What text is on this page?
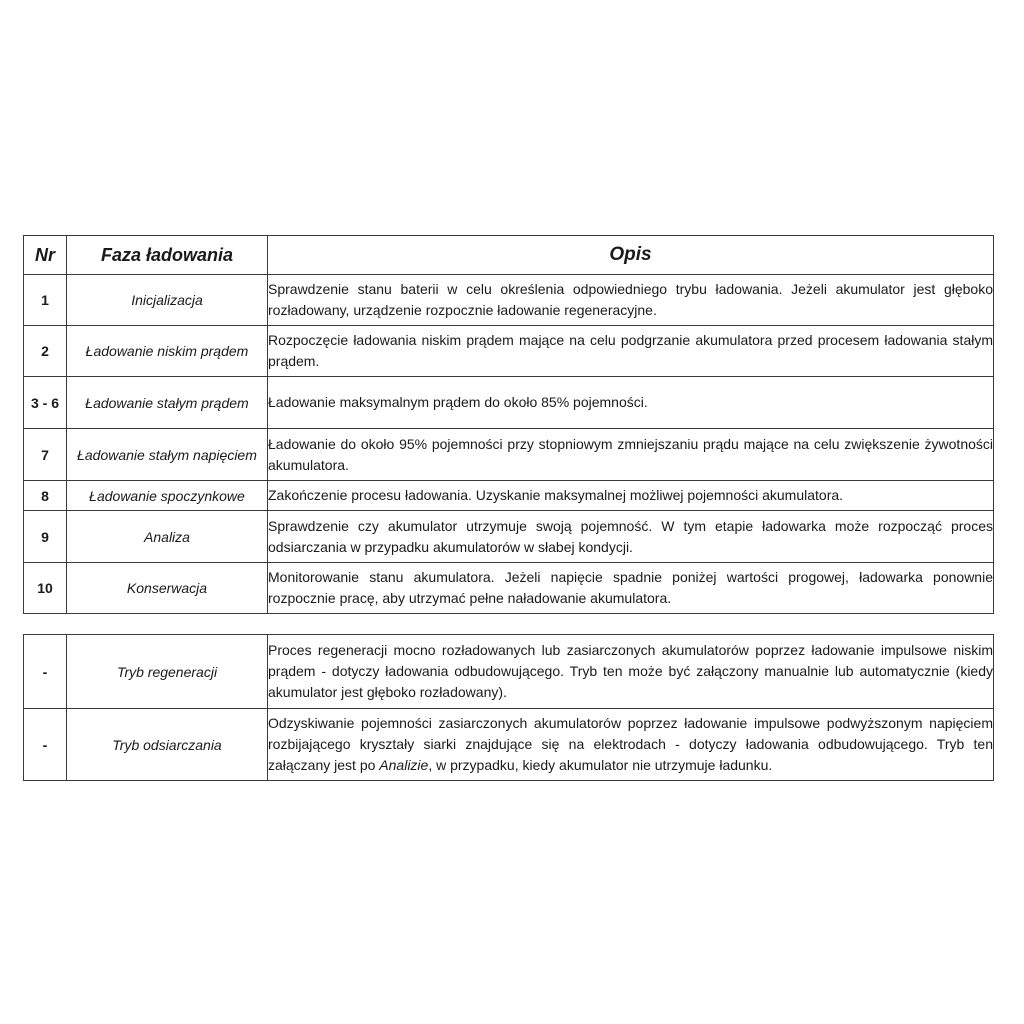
Nr	Faza ładowania	Opis
1	Inicjalizacja	Sprawdzenie stanu baterii w celu określenia odpowiedniego trybu ładowania. Jeżeli akumulator jest głęboko rozładowany, urządzenie rozpocznie ładowanie regeneracyjne.
2	Ładowanie niskim prądem	Rozpoczęcie ładowania niskim prądem mające na celu podgrzanie akumulatora przed procesem ładowania stałym prądem.
3 - 6	Ładowanie stałym prądem	Ładowanie maksymalnym prądem do około 85% pojemności.
7	Ładowanie stałym napięciem	Ładowanie do około 95% pojemności przy stopniowym zmniejszaniu prądu mające na celu zwiększenie żywotności akumulatora.
8	Ładowanie spoczynkowe	Zakończenie procesu ładowania. Uzyskanie maksymalnej możliwej pojemności akumulatora.
9	Analiza	Sprawdzenie czy akumulator utrzymuje swoją pojemność. W tym etapie ładowarka może rozpocząć proces odsiarczania w przypadku akumulatorów w słabej kondycji.
10	Konserwacja	Monitorowanie stanu akumulatora. Jeżeli napięcie spadnie poniżej wartości progowej, ładowarka ponownie rozpocznie pracę, aby utrzymać pełne naładowanie akumulatora.
-	Tryb regeneracji	Proces regeneracji mocno rozładowanych lub zasiarczonych akumulatorów poprzez ładowanie impulsowe niskim prądem - dotyczy ładowania odbudowującego. Tryb ten może być załączony manualnie lub automatycznie (kiedy akumulator jest głęboko rozładowany).
-	Tryb odsiarczania	Odzyskiwanie pojemności zasiarczonych akumulatorów poprzez ładowanie impulsowe podwyższonym napięciem rozbijającego kryształy siarki znajdujące się na elektrodach - dotyczy ładowania odbudowującego. Tryb ten załączany jest po Analizie, w przypadku, kiedy akumulator nie utrzymuje ładunku.
